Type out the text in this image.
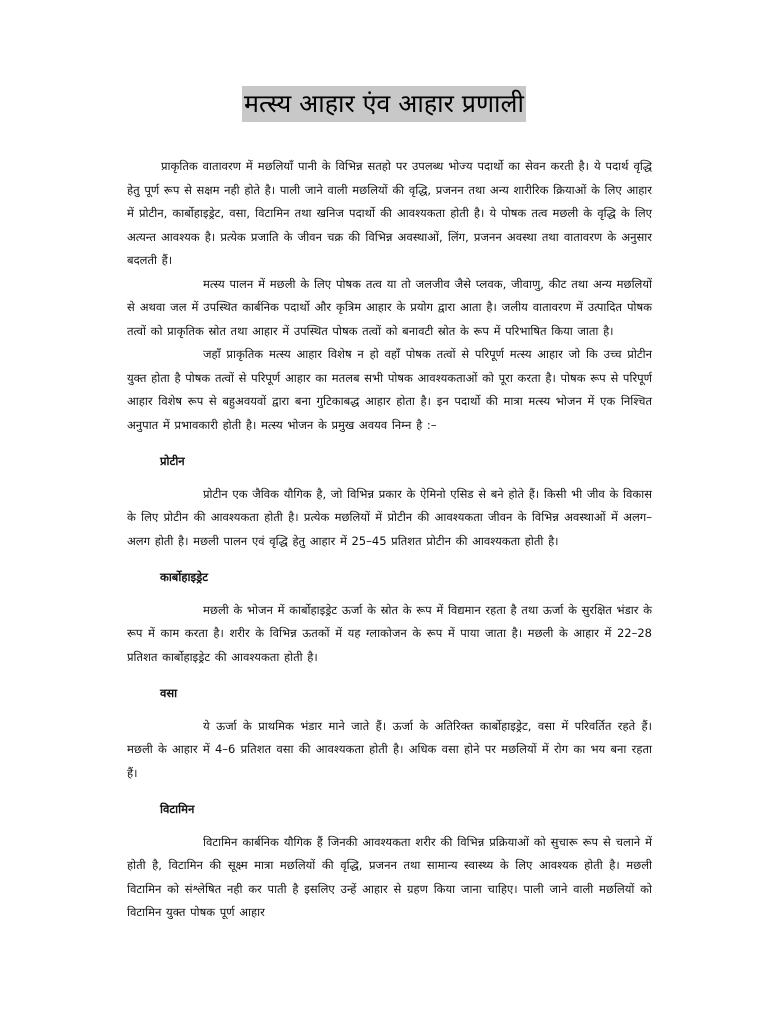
मत्स्य आहार एंव आहार प्रणाली

प्राकृतिक वातावरण में मछलियाँ पानी के विभिन्न सतहो पर उपलब्ध भोज्य पदार्थो का सेवन करती है। ये पदार्थ वृद्धि हेतु पूर्ण रूप से सक्षम नही होते है। पाली जाने वाली मछलियों की वृद्धि, प्रजनन तथा अन्य शारीरिक क्रियाओं के लिए आहार में प्रोटीन, कार्बोहाइड्रेट, वसा, विटामिन तथा खनिज पदार्थो की आवश्यकता होती है। ये पोषक तत्व मछली के वृद्धि के लिए अत्यन्त आवश्यक है। प्रत्येक प्रजाति के जीवन चक्र की विभिन्न अवस्थाओं, लिंग, प्रजनन अवस्था तथा वातावरण के अनुसार बदलती हैं।

मत्स्य पालन में मछली के लिए पोषक तत्व या तो जलजीव जैसे प्लवक, जीवाणु, कीट तथा अन्य मछलियों से अथवा जल में उपस्थित कार्बनिक पदार्थो और कृत्रिम आहार के प्रयोग द्वारा आता है। जलीय वातावरण में उत्पादित पोषक तत्वों को प्राकृतिक स्रोत तथा आहार में उपस्थित पोषक तत्वों को बनावटी स्रोत के रूप में परिभाषित किया जाता है।

जहाँ प्राकृतिक मत्स्य आहार विशेष न हो वहाँ पोषक तत्वों से परिपूर्ण मत्स्य आहार जो कि उच्च प्रोटीन युक्त होता है पोषक तत्वों से परिपूर्ण आहार का मतलब सभी पोषक आवश्यकताओं को पूरा करता है। पोषक रूप से परिपूर्ण आहार विशेष रूप से बहुअवयवों द्वारा बना गुटिकाबद्ध आहार होता है। इन पदार्थो की मात्रा मत्स्य भोजन में एक निश्चित अनुपात में प्रभावकारी होती है। मत्स्य भोजन के प्रमुख अवयव निम्न है :–

प्रोटीन

प्रोटीन एक जैविक यौगिक है, जो विभिन्न प्रकार के ऐमिनो एसिड से बने होते हैं। किसी भी जीव के विकास के लिए प्रोटीन की आवश्यकता होती है। प्रत्येक मछलियों में प्रोटीन की आवश्यकता जीवन के विभिन्न अवस्थाओं में अलग–अलग होती है। मछली पालन एवं वृद्धि हेतु आहार में 25–45 प्रतिशत प्रोटीन की आवश्यकता होती है।

कार्बोहाइड्रेट

मछली के भोजन में कार्बोहाइड्रेट ऊर्जा के स्रोत के रूप में विद्यमान रहता है तथा ऊर्जा के सुरक्षित भंडार के रूप में काम करता है। शरीर के विभिन्न ऊतकों में यह ग्लाकोजन के रूप में पाया जाता है। मछली के आहार में 22–28 प्रतिशत कार्बोहाइड्रेट की आवश्यकता होती है।

वसा

ये ऊर्जा के प्राथमिक भंडार माने जाते हैं। ऊर्जा के अतिरिक्त कार्बोहाइड्रेट, वसा में परिवर्तित रहते हैं। मछली के आहार में 4–6 प्रतिशत वसा की आवश्यकता होती है। अधिक वसा होने पर मछलियों में रोग का भय बना रहता हैं।

विटामिन

विटामिन कार्बनिक यौगिक हैं जिनकी आवश्यकता शरीर की विभिन्न प्रक्रियाओं को सुचारू रूप से चलाने में होती है, विटामिन की सूक्ष्म मात्रा मछलियों की वृद्धि, प्रजनन तथा सामान्य स्वास्थ्य के लिए आवश्यक होती है। मछली विटामिन को संश्लेषित नही कर पाती है इसलिए उन्हें आहार से ग्रहण किया जाना चाहिए। पाली जाने वाली मछलियों को विटामिन युक्त पोषक पूर्ण आहार
